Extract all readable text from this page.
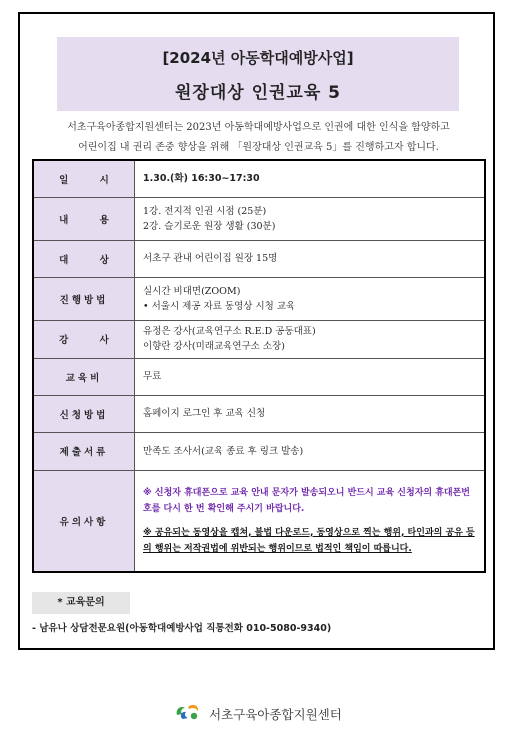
[2024년 아동학대예방사업]
원장대상 인권교육 5
서초구육아종합지원센터는 2023년 아동학대예방사업으로 인권에 대한 인식을 함양하고
어린이집 내 권리 존중 향상을 위해 「원장대상 인권교육 5」를 진행하고자 합니다.
일 시	1.30.(화) 16:30~17:30

내 용	1강. 전지적 인권 시점 (25분)
2강. 슬기로운 원장 생활 (30분)

대 상	서초구 관내 어린이집 원장 15명

진행방법	실시간 비대면(ZOOM)
• 서울시 제공 자료 동영상 시청 교육

강 사	유정은 강사(교육연구소 R.E.D 공동대표)
이향란 강사(미래교육연구소 소장)

교육비	무료

신청방법	홈페이지 로그인 후 교육 신청

제출서류	만족도 조사서(교육 종료 후 링크 발송)

유의사항	※ 신청자 휴대폰으로 교육 안내 문자가 발송되오니 반드시 교육 신청자의 휴대폰번호를 다시 한 번 확인해 주시기 바랍니다.
※ 공유되는 동영상을 캡쳐, 불법 다운로드, 동영상으로 찍는 행위, 타인과의 공유 등의 행위는 저작권법에 위반되는 행위이므로 법적인 책임이 따릅니다.
* 교육문의
- 남유나 상담전문요원(아동학대예방사업 직통전화 010-5080-9340)
서초구육아종합지원센터
